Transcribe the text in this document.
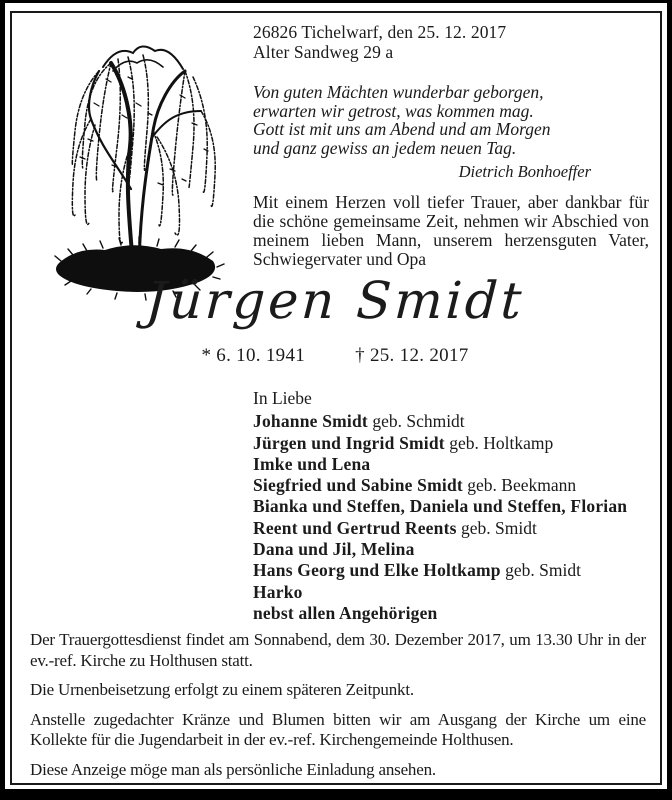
26826 Tichelwarf, den 25. 12. 2017
Alter Sandweg 29 a
Von guten Mächten wunderbar geborgen,
erwarten wir getrost, was kommen mag.
Gott ist mit uns am Abend und am Morgen
und ganz gewiss an jedem neuen Tag.
Dietrich Bonhoeffer
Mit einem Herzen voll tiefer Trauer, aber dankbar für die schöne gemeinsame Zeit, nehmen wir Abschied von meinem lieben Mann, unserem herzensguten Vater, Schwiegervater und Opa
Jürgen Smidt
* 6. 10. 1941	† 25. 12. 2017
In Liebe
Johanne Smidt geb. Schmidt
Jürgen und Ingrid Smidt geb. Holtkamp
Imke und Lena
Siegfried und Sabine Smidt geb. Beekmann
Bianka und Steffen, Daniela und Steffen, Florian
Reent und Gertrud Reents geb. Smidt
Dana und Jil, Melina
Hans Georg und Elke Holtkamp geb. Smidt
Harko
nebst allen Angehörigen

Der Trauergottesdienst findet am Sonnabend, dem 30. Dezember 2017, um 13.30 Uhr in der ev.-ref. Kirche zu Holthusen statt.

Die Urnenbeisetzung erfolgt zu einem späteren Zeitpunkt.

Anstelle zugedachter Kränze und Blumen bitten wir am Ausgang der Kirche um eine Kollekte für die Jugendarbeit in der ev.-ref. Kirchengemeinde Holthusen.

Diese Anzeige möge man als persönliche Einladung ansehen.
